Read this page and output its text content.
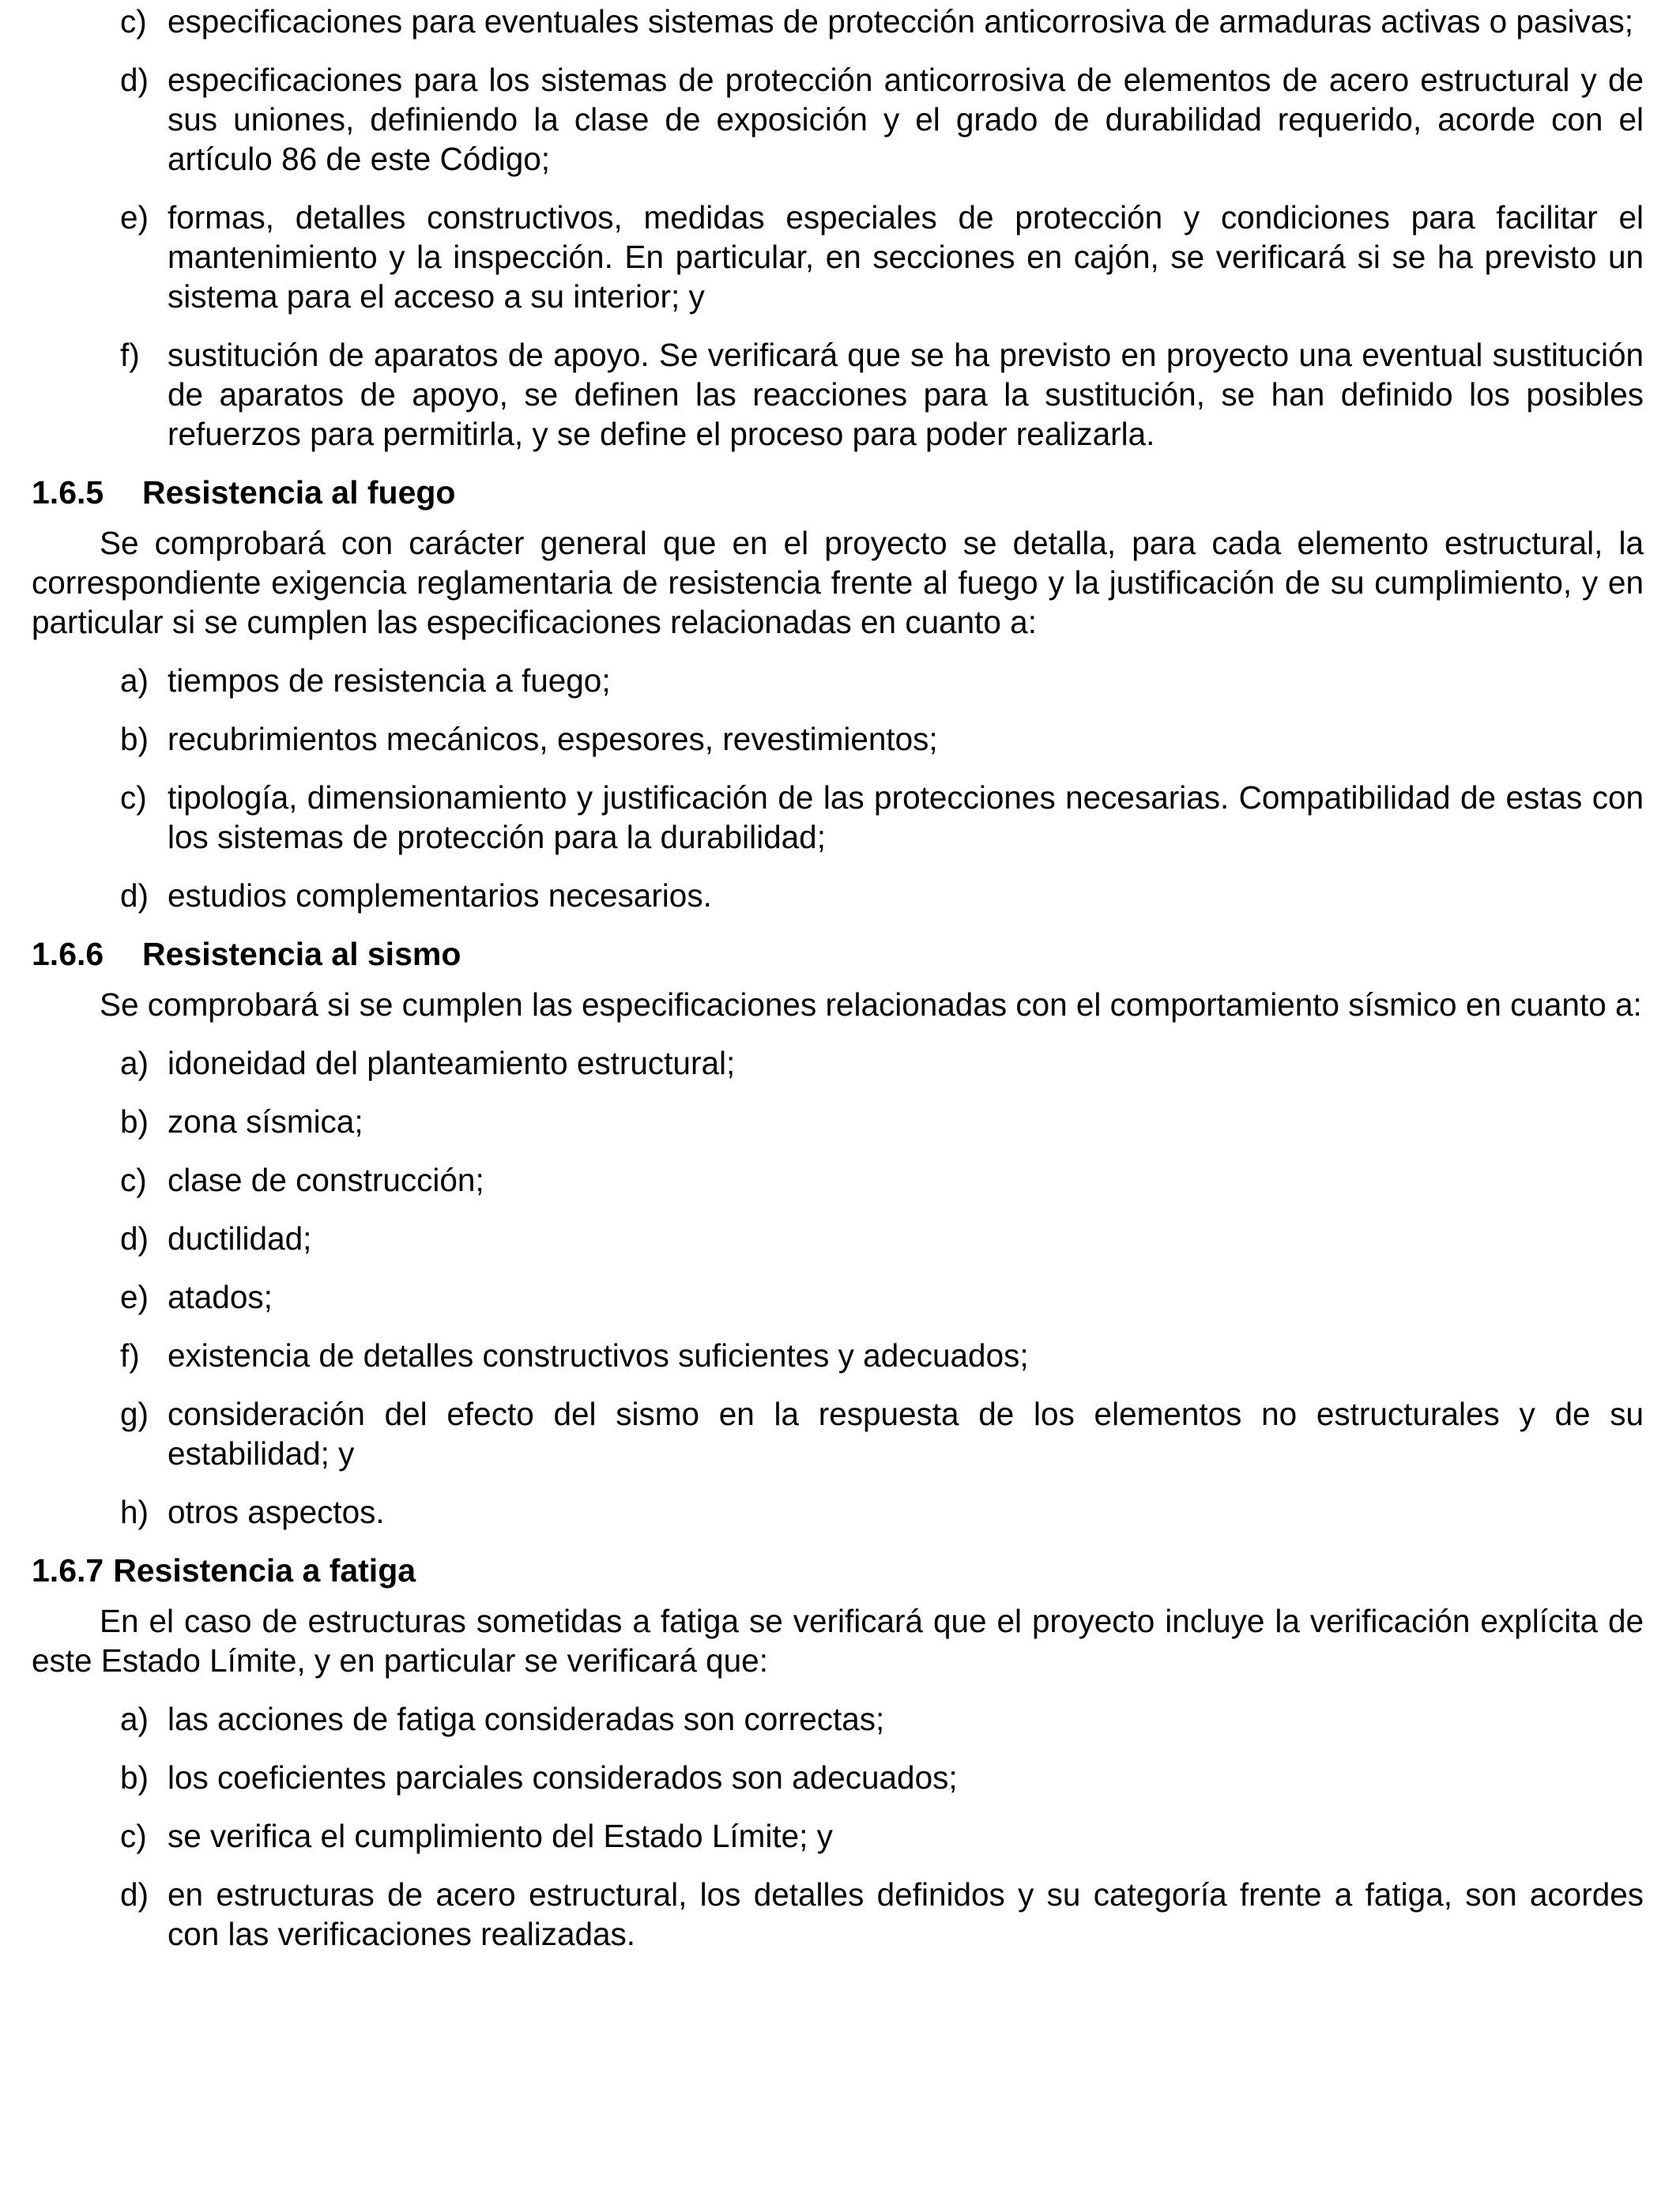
c) especificaciones para eventuales sistemas de protección anticorrosiva de armaduras activas o pasivas;
d) especificaciones para los sistemas de protección anticorrosiva de elementos de acero estructural y de sus uniones, definiendo la clase de exposición y el grado de durabilidad requerido, acorde con el artículo 86 de este Código;
e) formas, detalles constructivos, medidas especiales de protección y condiciones para facilitar el mantenimiento y la inspección. En particular, en secciones en cajón, se verificará si se ha previsto un sistema para el acceso a su interior; y
f) sustitución de aparatos de apoyo. Se verificará que se ha previsto en proyecto una eventual sustitución de aparatos de apoyo, se definen las reacciones para la sustitución, se han definido los posibles refuerzos para permitirla, y se define el proceso para poder realizarla.
1.6.5 Resistencia al fuego

Se comprobará con carácter general que en el proyecto se detalla, para cada elemento estructural, la correspondiente exigencia reglamentaria de resistencia frente al fuego y la justificación de su cumplimiento, y en particular si se cumplen las especificaciones relacionadas en cuanto a:

a) tiempos de resistencia a fuego;
b) recubrimientos mecánicos, espesores, revestimientos;
c) tipología, dimensionamiento y justificación de las protecciones necesarias. Compatibilidad de estas con los sistemas de protección para la durabilidad;
d) estudios complementarios necesarios.
1.6.6 Resistencia al sismo

Se comprobará si se cumplen las especificaciones relacionadas con el comportamiento sísmico en cuanto a:

a) idoneidad del planteamiento estructural;
b) zona sísmica;
c) clase de construcción;
d) ductilidad;
e) atados;
f) existencia de detalles constructivos suficientes y adecuados;
g) consideración del efecto del sismo en la respuesta de los elementos no estructurales y de su estabilidad; y
h) otros aspectos.
1.6.7 Resistencia a fatiga

En el caso de estructuras sometidas a fatiga se verificará que el proyecto incluye la verificación explícita de este Estado Límite, y en particular se verificará que:

a) las acciones de fatiga consideradas son correctas;
b) los coeficientes parciales considerados son adecuados;
c) se verifica el cumplimiento del Estado Límite; y
d) en estructuras de acero estructural, los detalles definidos y su categoría frente a fatiga, son acordes con las verificaciones realizadas.
